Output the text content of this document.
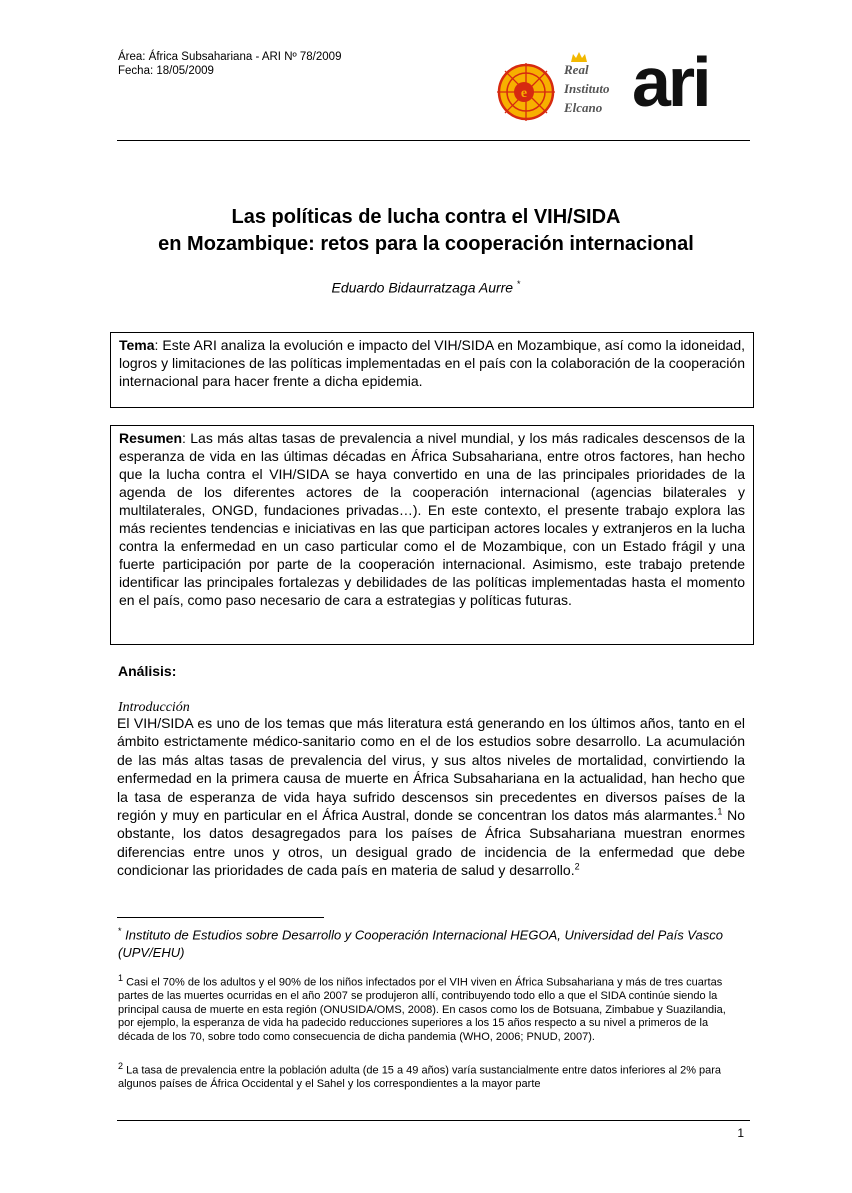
Área: África Subsahariana - ARI Nº 78/2009
Fecha: 18/05/2009
e
Real
Instituto
Elcano ari
Las políticas de lucha contra el VIH/SIDA
en Mozambique: retos para la cooperación internacional
Eduardo Bidaurratzaga Aurre *
Tema: Este ARI analiza la evolución e impacto del VIH/SIDA en Mozambique, así como la idoneidad, logros y limitaciones de las políticas implementadas en el país con la colaboración de la cooperación internacional para hacer frente a dicha epidemia.
Resumen: Las más altas tasas de prevalencia a nivel mundial, y los más radicales descensos de la esperanza de vida en las últimas décadas en África Subsahariana, entre otros factores, han hecho que la lucha contra el VIH/SIDA se haya convertido en una de las principales prioridades de la agenda de los diferentes actores de la cooperación internacional (agencias bilaterales y multilaterales, ONGD, fundaciones privadas…). En este contexto, el presente trabajo explora las más recientes tendencias e iniciativas en las que participan actores locales y extranjeros en la lucha contra la enfermedad en un caso particular como el de Mozambique, con un Estado frágil y una fuerte participación por parte de la cooperación internacional. Asimismo, este trabajo pretende identificar las principales fortalezas y debilidades de las políticas implementadas hasta el momento en el país, como paso necesario de cara a estrategias y políticas futuras.
Análisis:
Introducción
El VIH/SIDA es uno de los temas que más literatura está generando en los últimos años, tanto en el ámbito estrictamente médico-sanitario como en el de los estudios sobre desarrollo. La acumulación de las más altas tasas de prevalencia del virus, y sus altos niveles de mortalidad, convirtiendo la enfermedad en la primera causa de muerte en África Subsahariana en la actualidad, han hecho que la tasa de esperanza de vida haya sufrido descensos sin precedentes en diversos países de la región y muy en particular en el África Austral, donde se concentran los datos más alarmantes.$^1$ No obstante, los datos desagregados para los países de África Subsahariana muestran enormes diferencias entre unos y otros, un desigual grado de incidencia de la enfermedad que debe condicionar las prioridades de cada país en materia de salud y desarrollo.$^2$
* Instituto de Estudios sobre Desarrollo y Cooperación Internacional HEGOA, Universidad del País Vasco (UPV/EHU)
$^1$ Casi el 70% de los adultos y el 90% de los niños infectados por el VIH viven en África Subsahariana y más de tres cuartas partes de las muertes ocurridas en el año 2007 se produjeron allí, contribuyendo todo ello a que el SIDA continúe siendo la principal causa de muerte en esta región (ONUSIDA/OMS, 2008). En casos como los de Botsuana, Zimbabue y Suazilandia, por ejemplo, la esperanza de vida ha padecido reducciones superiores a los 15 años respecto a su nivel a primeros de la década de los 70, sobre todo como consecuencia de dicha pandemia (WHO, 2006; PNUD, 2007).
$^2$ La tasa de prevalencia entre la población adulta (de 15 a 49 años) varía sustancialmente entre datos inferiores al 2% para algunos países de África Occidental y el Sahel y los correspondientes a la mayor parte
1
